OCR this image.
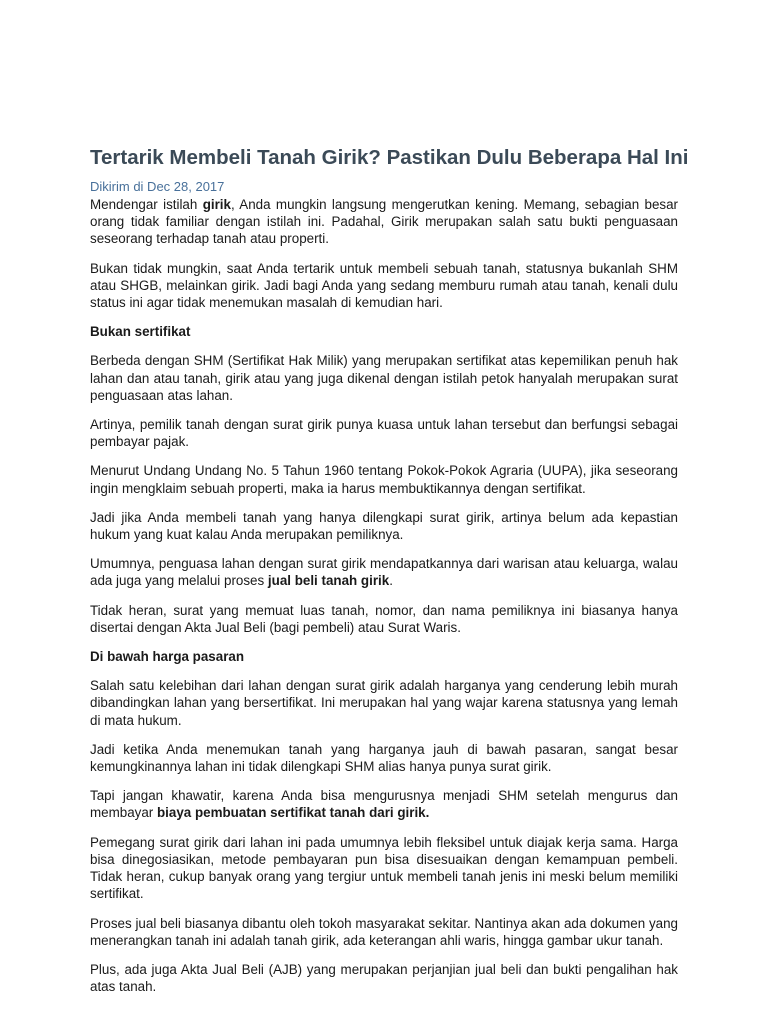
Tertarik Membeli Tanah Girik? Pastikan Dulu Beberapa Hal Ini
Dikirim di Dec 28, 2017

Mendengar istilah girik, Anda mungkin langsung mengerutkan kening. Memang, sebagian besar orang tidak familiar dengan istilah ini. Padahal, Girik merupakan salah satu bukti penguasaan seseorang terhadap tanah atau properti.

Bukan tidak mungkin, saat Anda tertarik untuk membeli sebuah tanah, statusnya bukanlah SHM atau SHGB, melainkan girik. Jadi bagi Anda yang sedang memburu rumah atau tanah, kenali dulu status ini agar tidak menemukan masalah di kemudian hari.

Bukan sertifikat

Berbeda dengan SHM (Sertifikat Hak Milik) yang merupakan sertifikat atas kepemilikan penuh hak lahan dan atau tanah, girik atau yang juga dikenal dengan istilah petok hanyalah merupakan surat penguasaan atas lahan.

Artinya, pemilik tanah dengan surat girik punya kuasa untuk lahan tersebut dan berfungsi sebagai pembayar pajak.

Menurut Undang Undang No. 5 Tahun 1960 tentang Pokok-Pokok Agraria (UUPA), jika seseorang ingin mengklaim sebuah properti, maka ia harus membuktikannya dengan sertifikat.

Jadi jika Anda membeli tanah yang hanya dilengkapi surat girik, artinya belum ada kepastian hukum yang kuat kalau Anda merupakan pemiliknya.

Umumnya, penguasa lahan dengan surat girik mendapatkannya dari warisan atau keluarga, walau ada juga yang melalui proses jual beli tanah girik.

Tidak heran, surat yang memuat luas tanah, nomor, dan nama pemiliknya ini biasanya hanya disertai dengan Akta Jual Beli (bagi pembeli) atau Surat Waris.

Di bawah harga pasaran

Salah satu kelebihan dari lahan dengan surat girik adalah harganya yang cenderung lebih murah dibandingkan lahan yang bersertifikat. Ini merupakan hal yang wajar karena statusnya yang lemah di mata hukum.

Jadi ketika Anda menemukan tanah yang harganya jauh di bawah pasaran, sangat besar kemungkinannya lahan ini tidak dilengkapi SHM alias hanya punya surat girik.

Tapi jangan khawatir, karena Anda bisa mengurusnya menjadi SHM setelah mengurus dan membayar biaya pembuatan sertifikat tanah dari girik.

Pemegang surat girik dari lahan ini pada umumnya lebih fleksibel untuk diajak kerja sama. Harga bisa dinegosiasikan, metode pembayaran pun bisa disesuaikan dengan kemampuan pembeli. Tidak heran, cukup banyak orang yang tergiur untuk membeli tanah jenis ini meski belum memiliki sertifikat.

Proses jual beli biasanya dibantu oleh tokoh masyarakat sekitar. Nantinya akan ada dokumen yang menerangkan tanah ini adalah tanah girik, ada keterangan ahli waris, hingga gambar ukur tanah.

Plus, ada juga Akta Jual Beli (AJB) yang merupakan perjanjian jual beli dan bukti pengalihan hak atas tanah.
